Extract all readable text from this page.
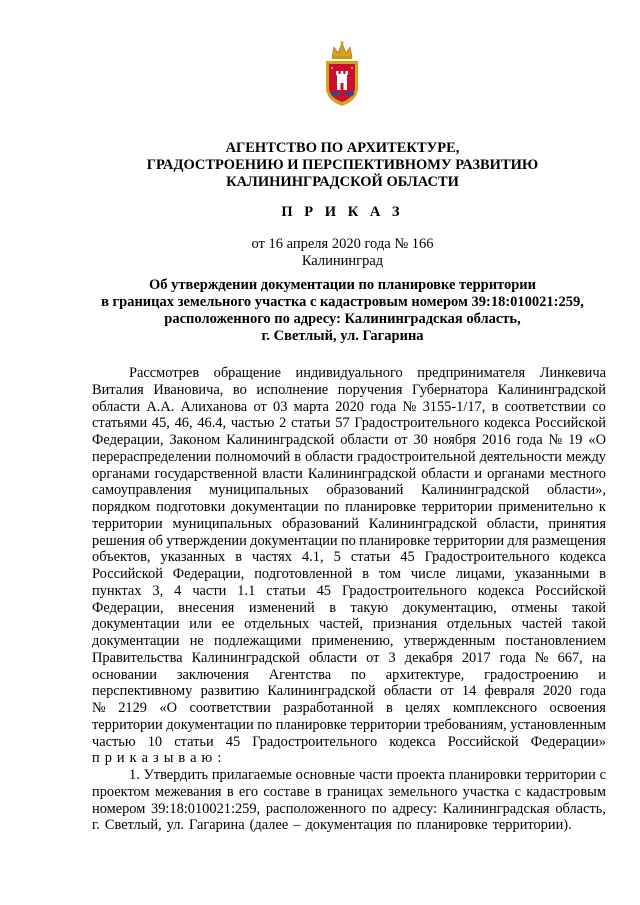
АГЕНТСТВО ПО АРХИТЕКТУРЕ,
ГРАДОСТРОЕНИЮ И ПЕРСПЕКТИВНОМУ РАЗВИТИЮ
КАЛИНИНГРАДСКОЙ ОБЛАСТИ
П Р И К А З
от 16 апреля 2020 года № 166
Калининград
Об утверждении документации по планировке территории
в границах земельного участка с кадастровым номером 39:18:010021:259,
расположенного по адресу: Калининградская область,
г. Светлый, ул. Гагарина
Рассмотрев обращение индивидуального предпринимателя Линкевича
Виталия Ивановича, во исполнение поручения Губернатора Калининградской
области А.А. Алиханова от 03 марта 2020 года № 3155-1/17, в соответствии со
статьями 45, 46, 46.4, частью 2 статьи 57 Градостроительного кодекса Российской
Федерации, Законом Калининградской области от 30 ноября 2016 года № 19 «О
перераспределении полномочий в области градостроительной деятельности между
органами государственной власти Калининградской области и органами местного
самоуправления муниципальных образований Калининградской области»,
порядком подготовки документации по планировке территории применительно к
территории муниципальных образований Калининградской области, принятия
решения об утверждении документации по планировке территории для размещения
объектов, указанных в частях 4.1, 5 статьи 45 Градостроительного кодекса
Российской Федерации, подготовленной в том числе лицами, указанными в
пунктах 3, 4 части 1.1 статьи 45 Градостроительного кодекса Российской
Федерации, внесения изменений в такую документацию, отмены такой
документации или ее отдельных частей, признания отдельных частей такой
документации не подлежащими применению, утвержденным постановлением
Правительства Калининградской области от 3 декабря 2017 года № 667, на
основании заключения Агентства по архитектуре, градостроению и
перспективному развитию Калининградской области от 14 февраля 2020 года
№ 2129 «О соответствии разработанной в целях комплексного освоения
территории документации по планировке территории требованиям, установленным
частью 10 статьи 45 Градостроительного кодекса Российской Федерации»
п р и к а з ы в а ю :
1. Утвердить прилагаемые основные части проекта планировки территории с
проектом межевания в его составе в границах земельного участка с кадастровым
номером 39:18:010021:259, расположенного по адресу: Калининградская область,
г. Светлый, ул. Гагарина (далее – документация по планировке территории).
